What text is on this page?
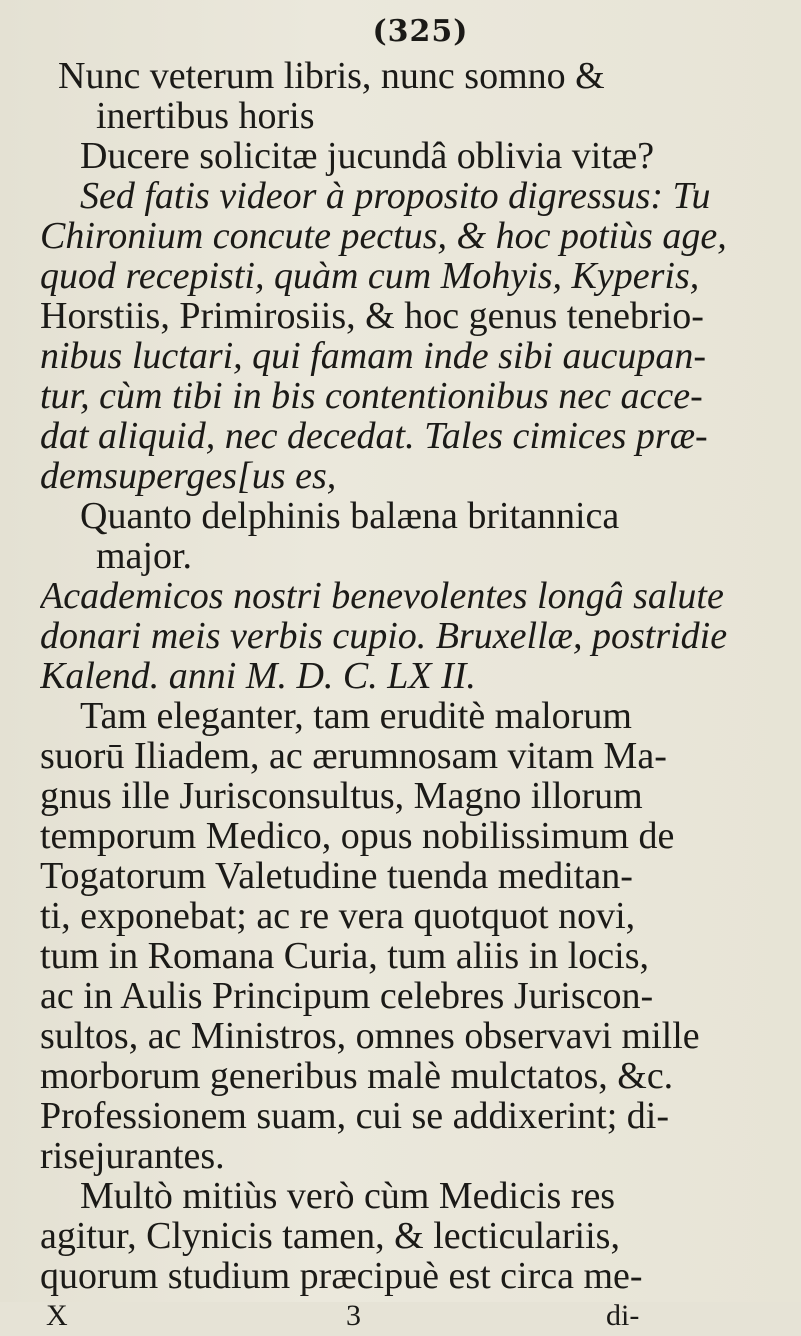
(325)
Nunc veterum libris, nunc somno &
inertibus horis
Ducere solicitæ jucundâ oblivia vitæ?
Sed fatis videor à proposito digressus: Tu
Chironium concute pectus, & hoc potiùs age,
quod recepisti, quàm cum Mohyis, Kyperis,
Horstiis, Primirosiis, & hoc genus tenebrio-
nibus luctari, qui famam inde sibi aucupan-
tur, cùm tibi in bis contentionibus nec acce-
dat aliquid, nec decedat. Tales cimices præ-
demsuperges[us es,
Quanto delphinis balæna britannica
major.
Academicos nostri benevolentes longâ salute
donari meis verbis cupio. Bruxellæ, postridie
Kalend. anni M. D. C. LX II.
Tam eleganter, tam eruditè malorum
suorū Iliadem, ac ærumnosam vitam Ma-
gnus ille Jurisconsultus, Magno illorum
temporum Medico, opus nobilissimum de
Togatorum Valetudine tuenda meditan-
ti, exponebat; ac re vera quotquot novi,
tum in Romana Curia, tum aliis in locis,
ac in Aulis Principum celebres Juriscon-
sultos, ac Ministros, omnes observavi mille
morborum generibus malè mulctatos, &c.
Professionem suam, cui se addixerint; di-
risejurantes.
Multò mitiùs verò cùm Medicis res
agitur, Clynicis tamen, & lecticulariis,
quorum studium præcipuè est circa me-
X	3	di-
